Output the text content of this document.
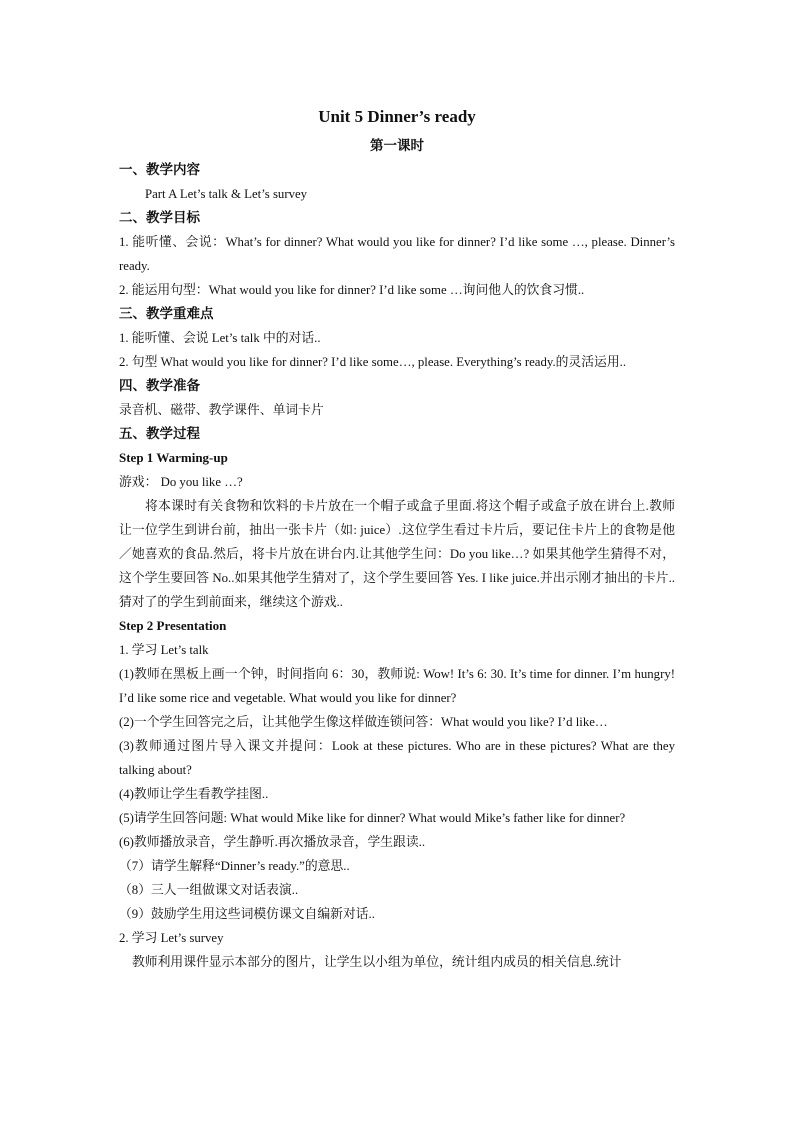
Unit 5 Dinner’s ready
第一课时
一、教学内容

Part A Let’s talk & Let’s survey

二、教学目标

1. 能听懂、会说：What’s for dinner? What would you like for dinner? I’d like some …, please. Dinner’s ready.

2. 能运用句型：What would you like for dinner? I’d like some …询问他人的饮食习惯..

三、教学重难点

1. 能听懂、会说 Let’s talk 中的对话..

2. 句型 What would you like for dinner? I’d like some…, please. Everything’s ready.的灵活运用..

四、教学准备

录音机、磁带、教学课件、单词卡片

五、教学过程
Step 1 Warming-up

游戏： Do you like …?

将本课时有关食物和饮料的卡片放在一个帽子或盒子里面.将这个帽子或盒子放在讲台上.教师让一位学生到讲台前，抽出一张卡片（如: juice）.这位学生看过卡片后，要记住卡片上的食物是他／她喜欢的食品.然后，将卡片放在讲台内.让其他学生问：Do you like…? 如果其他学生猜得不对，这个学生要回答 No..如果其他学生猜对了，这个学生要回答 Yes. I like juice.并出示刚才抽出的卡片..猜对了的学生到前面来，继续这个游戏..

Step 2 Presentation

1. 学习 Let’s talk

(1)教师在黑板上画一个钟，时间指向 6：30，教师说: Wow! It’s 6: 30. It’s time for dinner. I’m hungry! I’d like some rice and vegetable. What would you like for dinner?

(2)一个学生回答完之后，让其他学生像这样做连锁问答：What would you like? I’d like…

(3)教师通过图片导入课文并提问：Look at these pictures. Who are in these pictures? What are they talking about?

(4)教师让学生看教学挂图..

(5)请学生回答问题: What would Mike like for dinner? What would Mike’s father like for dinner?

(6)教师播放录音，学生静听.再次播放录音，学生跟读..

（7）请学生解释“Dinner’s ready.”的意思..

（8）三人一组做课文对话表演..

（9）鼓励学生用这些词模仿课文自编新对话..

2. 学习 Let’s survey

教师利用课件显示本部分的图片，让学生以小组为单位，统计组内成员的相关信息.统计
